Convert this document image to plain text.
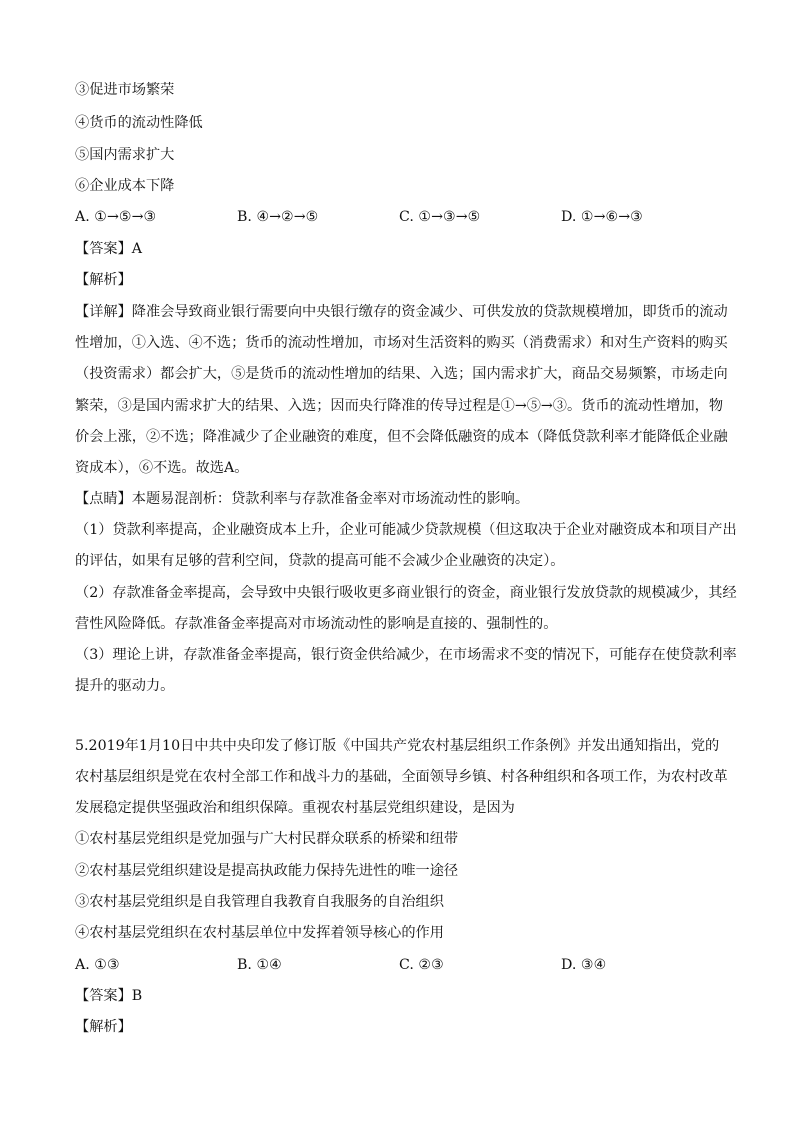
③促进市场繁荣
④货币的流动性降低
⑤国内需求扩大
⑥企业成本下降
A. ①→⑤→③	B. ④→②→⑤	C. ①→③→⑤	D. ①→⑥→③
【答案】A
【解析】
【详解】降准会导致商业银行需要向中央银行缴存的资金减少、可供发放的贷款规模增加，即货币的流动
性增加，①入选、④不选；货币的流动性增加，市场对生活资料的购买（消费需求）和对生产资料的购买
（投资需求）都会扩大，⑤是货币的流动性增加的结果、入选；国内需求扩大，商品交易频繁，市场走向
繁荣，③是国内需求扩大的结果、入选；因而央行降准的传导过程是①→⑤→③。货币的流动性增加，物
价会上涨，②不选；降准减少了企业融资的难度，但不会降低融资的成本（降低贷款利率才能降低企业融
资成本），⑥不选。故选A。
【点睛】本题易混剖析：贷款利率与存款准备金率对市场流动性的影响。
（1）贷款利率提高，企业融资成本上升，企业可能减少贷款规模（但这取决于企业对融资成本和项目产出
的评估，如果有足够的营利空间，贷款的提高可能不会减少企业融资的决定）。
（2）存款准备金率提高，会导致中央银行吸收更多商业银行的资金，商业银行发放贷款的规模减少，其经
营性风险降低。存款准备金率提高对市场流动性的影响是直接的、强制性的。
（3）理论上讲，存款准备金率提高，银行资金供给减少，在市场需求不变的情况下，可能存在使贷款利率
提升的驱动力。
5.2019年1月10日中共中央印发了修订版《中国共产党农村基层组织工作条例》并发出通知指出，党的
农村基层组织是党在农村全部工作和战斗力的基础，全面领导乡镇、村各种组织和各项工作，为农村改革
发展稳定提供坚强政治和组织保障。重视农村基层党组织建设，是因为
①农村基层党组织是党加强与广大村民群众联系的桥梁和纽带
②农村基层党组织建设是提高执政能力保持先进性的唯一途径
③农村基层党组织是自我管理自我教育自我服务的自治组织
④农村基层党组织在农村基层单位中发挥着领导核心的作用
A. ①③	B. ①④	C. ②③	D. ③④
【答案】B
【解析】
